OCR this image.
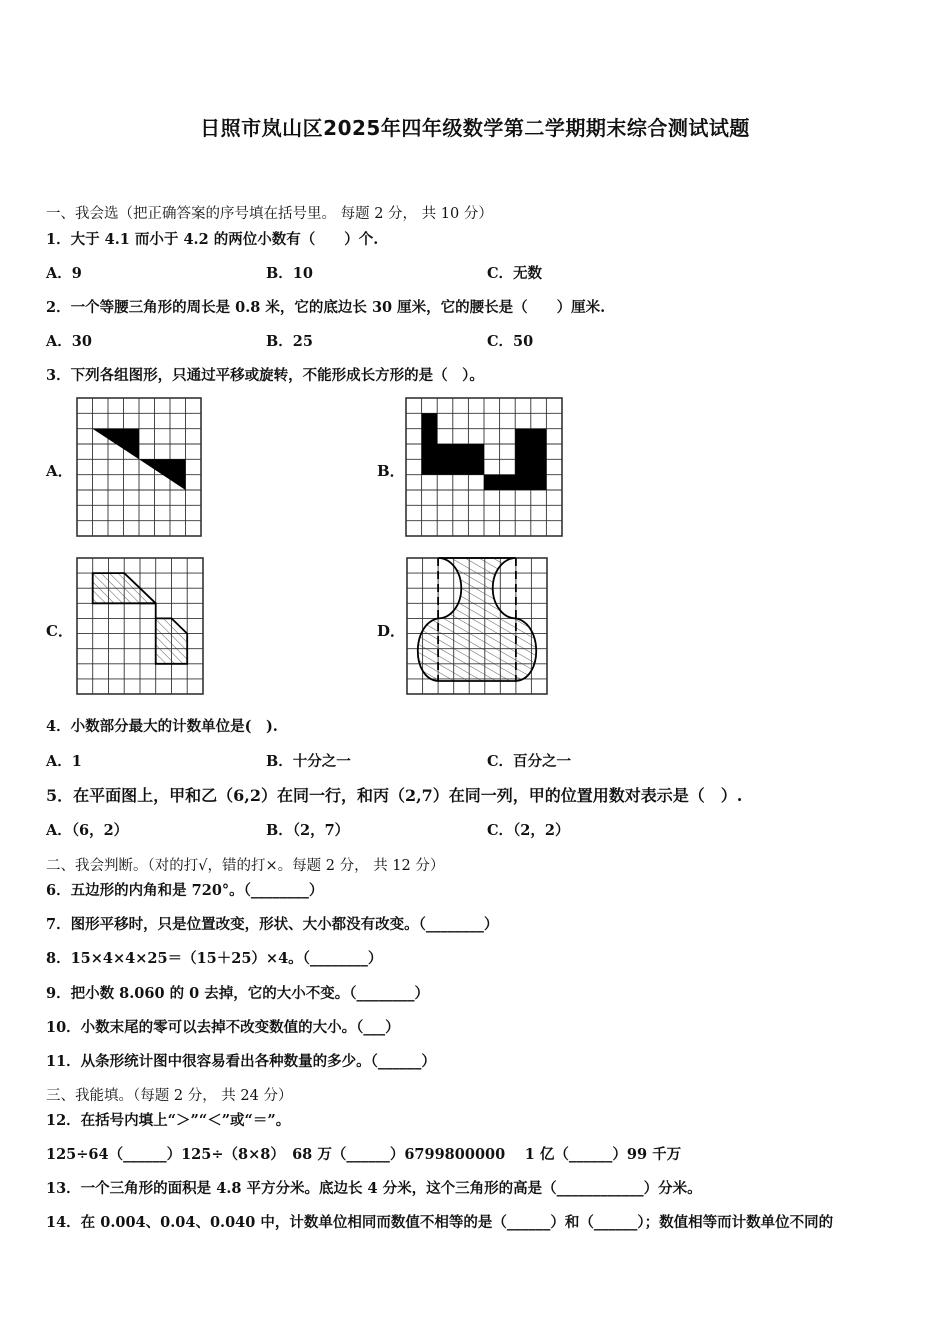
日照市岚山区2025年四年级数学第二学期期末综合测试试题
一、我会选（把正确答案的序号填在括号里。 每题 2 分， 共 10 分）
1．大于 4.1 而小于 4.2 的两位小数有（　　）个.
A．9	B．10	C．无数
2．一个等腰三角形的周长是 0.8 米，它的底边长 30 厘米，它的腰长是（　　）厘米.
A．30	B．25	C．50
3．下列各组图形，只通过平移或旋转，不能形成长方形的是（　）。
A．	B．
C．	D．
4．小数部分最大的计数单位是(　).
A．1	B．十分之一	C．百分之一
5．在平面图上，甲和乙（6,2）在同一行，和丙（2,7）在同一列，甲的位置用数对表示是（　）.
A．（6，2）	B．（2，7）	C．（2，2）
二、我会判断。（对的打√，错的打×。每题 2 分， 共 12 分）
6．五边形的内角和是 720°。（________）
7．图形平移时，只是位置改变，形状、大小都没有改变。（________）
8．15×4×4×25＝（15＋25）×4。（________）
9．把小数 8.060 的 0 去掉，它的大小不变。（________）
10．小数末尾的零可以去掉不改变数值的大小。（___）
11．从条形统计图中很容易看出各种数量的多少。（______）
三、我能填。（每题 2 分， 共 24 分）
12．在括号内填上“＞”“＜”或“＝”。
125÷64（______）125÷（8×8）　68 万（______）6799800000　 1 亿（______）99 千万
13．一个三角形的面积是 4.8 平方分米。底边长 4 分米，这个三角形的高是（____________）分米。
14．在 0.004、0.04、0.040 中，计数单位相同而数值不相等的是（______）和（______）；数值相等而计数单位不同的
